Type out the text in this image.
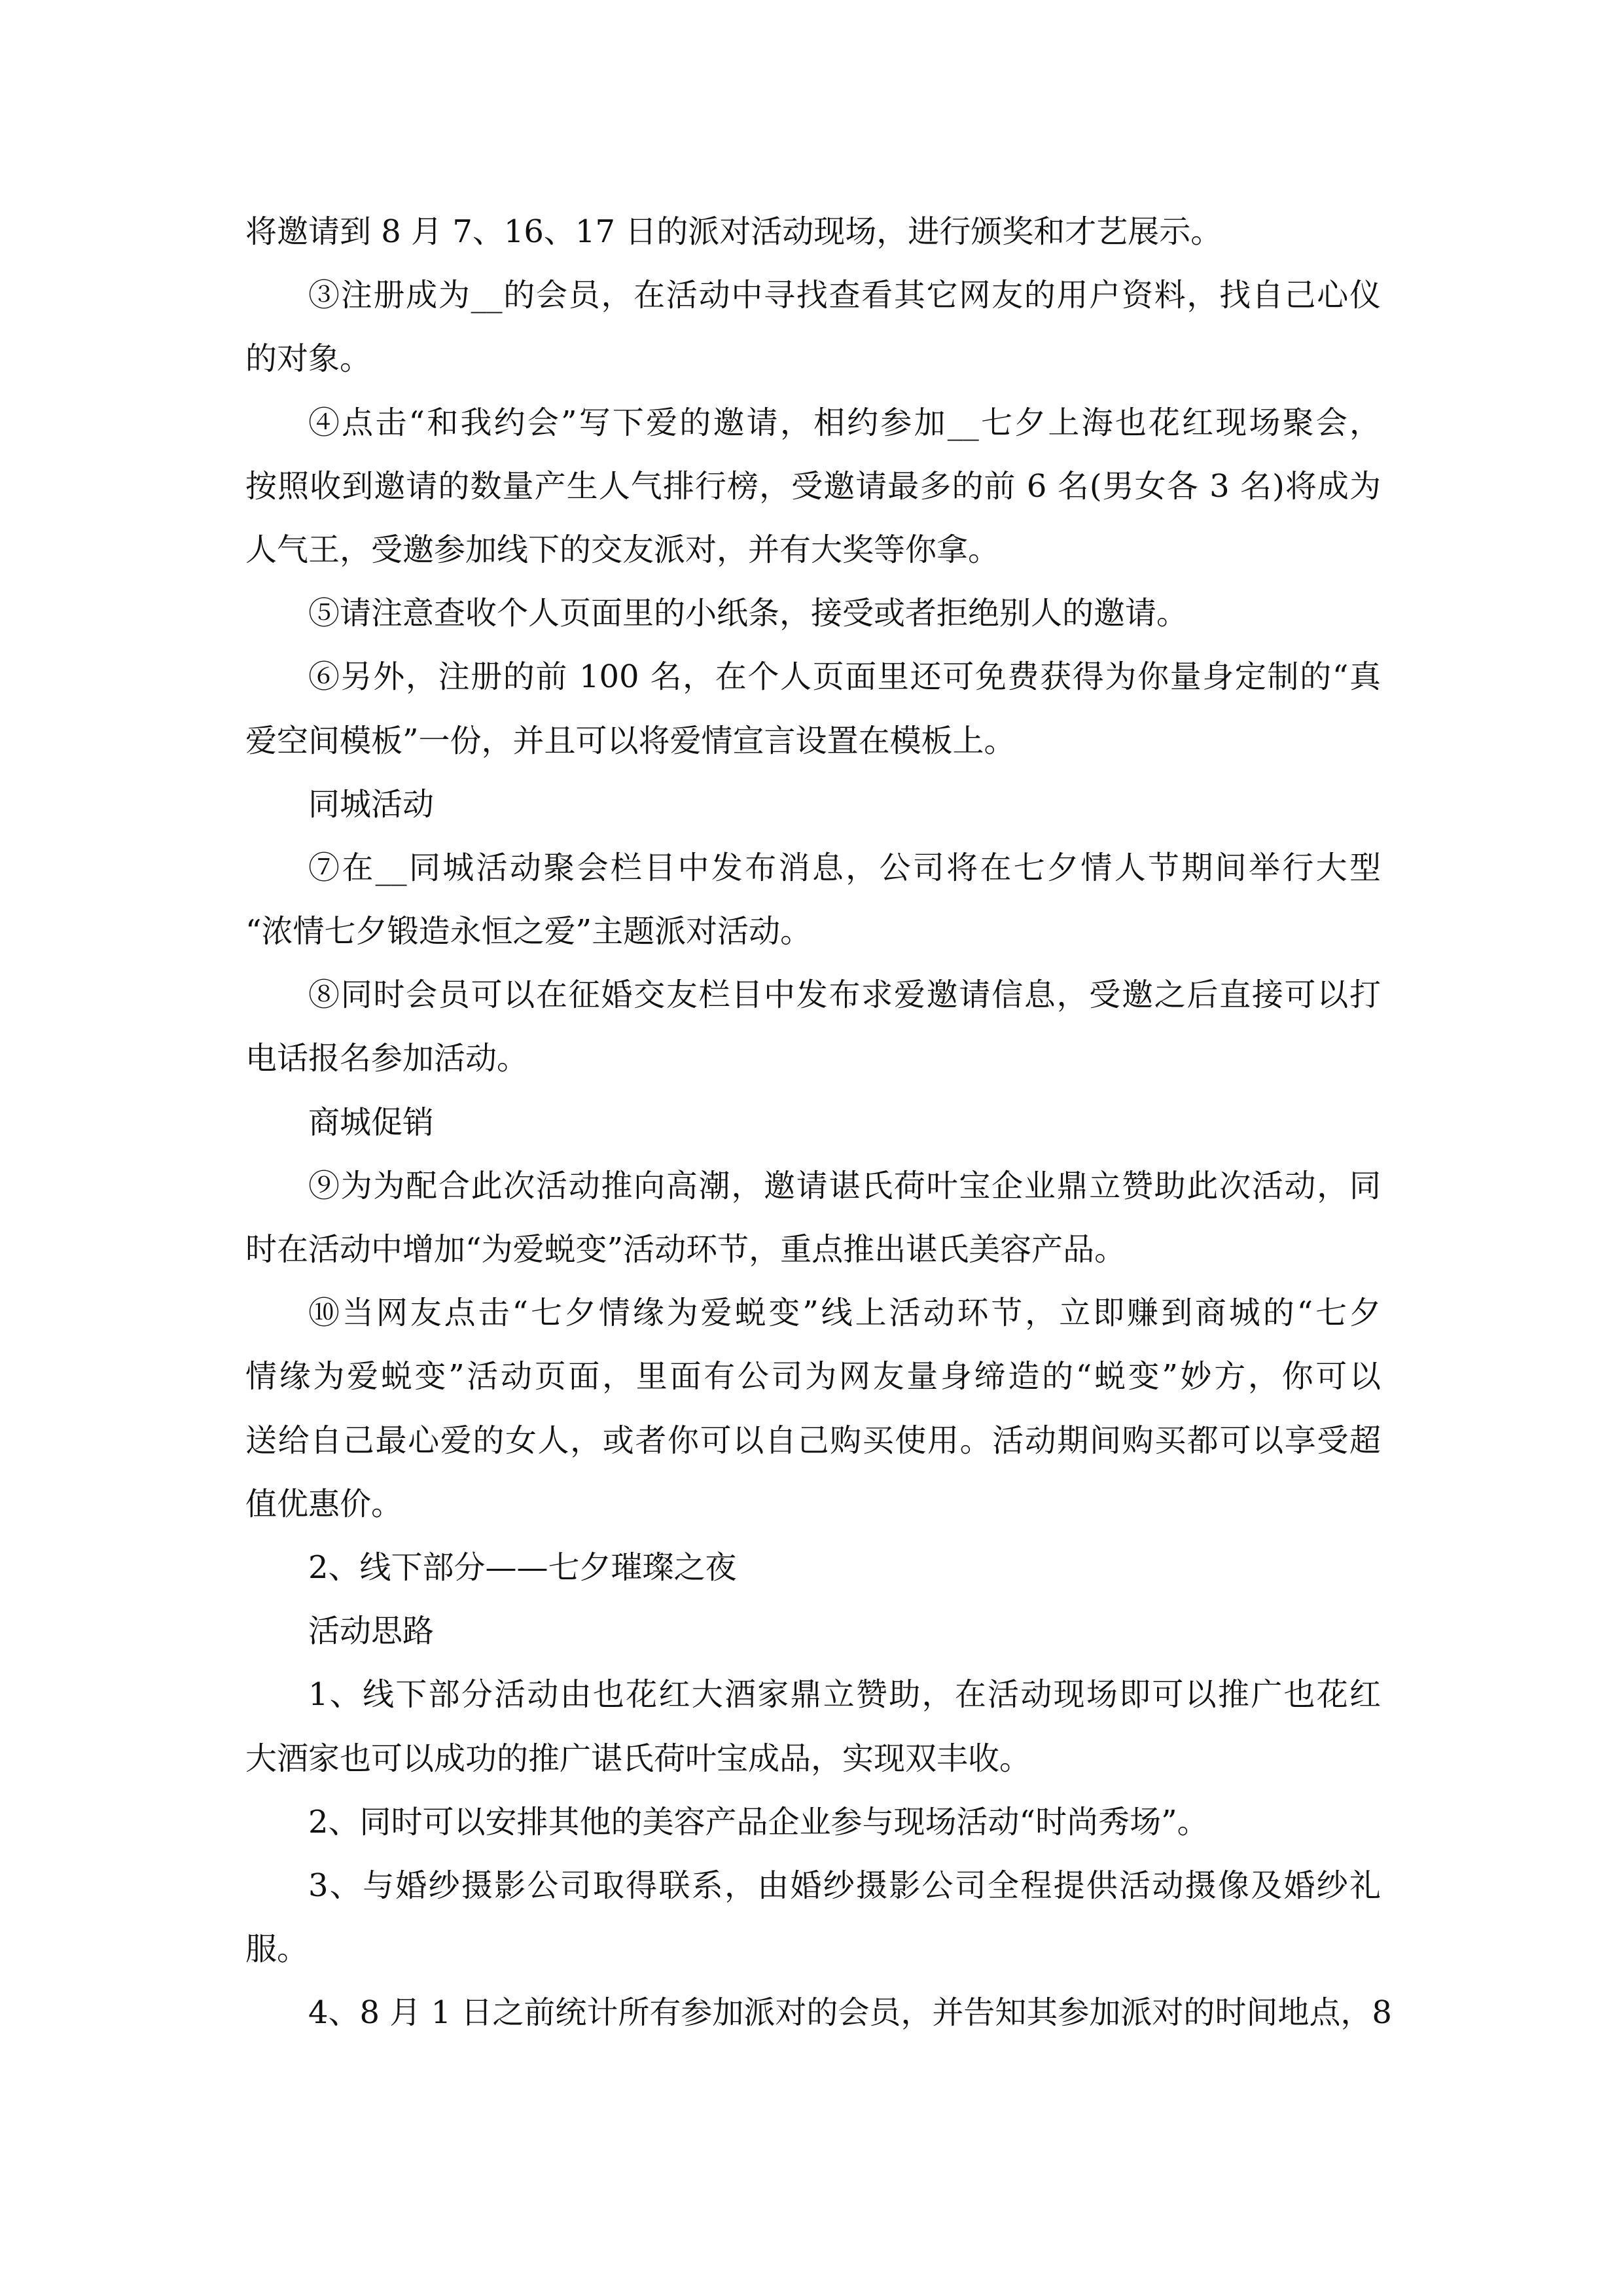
将邀请到 8 月 7、16、17 日的派对活动现场，进行颁奖和才艺展示。
③注册成为__的会员，在活动中寻找查看其它网友的用户资料，找自己心仪
的对象。
④点击“和我约会”写下爱的邀请，相约参加__七夕上海也花红现场聚会，
按照收到邀请的数量产生人气排行榜，受邀请最多的前 6 名(男女各 3 名)将成为
人气王，受邀参加线下的交友派对，并有大奖等你拿。
⑤请注意查收个人页面里的小纸条，接受或者拒绝别人的邀请。
⑥另外，注册的前 100 名，在个人页面里还可免费获得为你量身定制的“真
爱空间模板”一份，并且可以将爱情宣言设置在模板上。
同城活动
⑦在__同城活动聚会栏目中发布消息，公司将在七夕情人节期间举行大型
“浓情七夕锻造永恒之爱”主题派对活动。
⑧同时会员可以在征婚交友栏目中发布求爱邀请信息，受邀之后直接可以打
电话报名参加活动。
商城促销
⑨为为配合此次活动推向高潮，邀请谌氏荷叶宝企业鼎立赞助此次活动，同
时在活动中增加“为爱蜕变”活动环节，重点推出谌氏美容产品。
⑩当网友点击“七夕情缘为爱蜕变”线上活动环节，立即赚到商城的“七夕
情缘为爱蜕变”活动页面，里面有公司为网友量身缔造的“蜕变”妙方，你可以
送给自己最心爱的女人，或者你可以自己购买使用。活动期间购买都可以享受超
值优惠价。
2、线下部分——七夕璀璨之夜
活动思路
1、线下部分活动由也花红大酒家鼎立赞助，在活动现场即可以推广也花红
大酒家也可以成功的推广谌氏荷叶宝成品，实现双丰收。
2、同时可以安排其他的美容产品企业参与现场活动“时尚秀场”。
3、与婚纱摄影公司取得联系，由婚纱摄影公司全程提供活动摄像及婚纱礼
服。
4、8 月 1 日之前统计所有参加派对的会员，并告知其参加派对的时间地点，8
